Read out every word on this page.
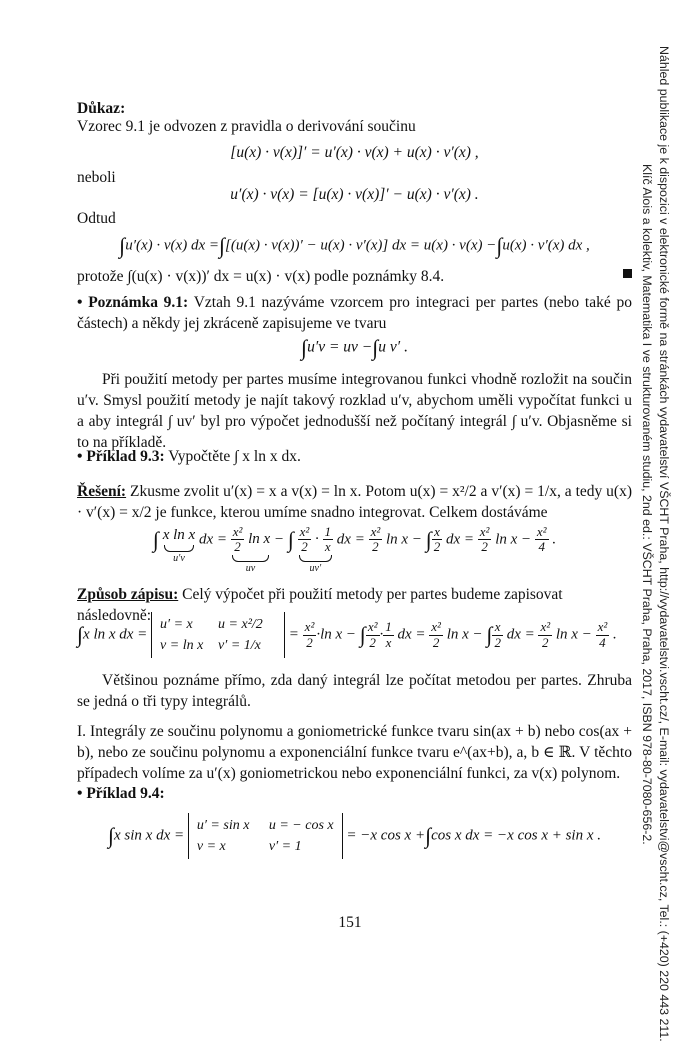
Důkaz:
Vzorec 9.1 je odvozen z pravidla o derivování součinu
[u(x) · v(x)]′ = u′(x) · v(x) + u(x) · v′(x) ,
neboli
u′(x) · v(x) = [u(x) · v(x)]′ − u(x) · v′(x) .
Odtud
∫u′(x) · v(x) dx =∫[(u(x) · v(x))′ − u(x) · v′(x)] dx = u(x) · v(x) −∫u(x) · v′(x) dx ,
protože ∫(u(x) · v(x))′ dx = u(x) · v(x) podle poznámky 8.4.
• Poznámka 9.1: Vztah 9.1 nazýváme vzorcem pro integraci per partes (nebo také po částech) a někdy jej zkráceně zapisujeme ve tvaru
∫u′v = uv −∫u v′ .
Při použití metody per partes musíme integrovanou funkci vhodně rozložit na součin u′v. Smysl použití metody je najít takový rozklad u′v, abychom uměli vypočítat funkci u a aby integrál ∫ uv′ byl pro výpočet jednodušší než počítaný integrál ∫ u′v. Objasněme si to na příkladě.
• Příklad 9.3: Vypočtěte ∫ x ln x dx.
Řešení: Zkusme zvolit u′(x) = x a v(x) = ln x. Potom u(x) = x²/2 a v′(x) = 1/x, a tedy u(x) · v′(x) = x/2 je funkce, kterou umíme snadno integrovat. Celkem dostáváme
∫ x ln x
u′v
dx = $\frac{\text{x²}}{2}$ ln x
uv
− ∫ $\frac{\text{x²}}{2} \cdot \frac{1}{x}$
uv′
dx = $\frac{\text{x²}}{2}$ ln x − ∫ $\frac{x}{2}$ dx = $\frac{\text{x²}}{2}$ $\ln x - \frac{\text{x²}}{4}$ .
Způsob zápisu: Celý výpočet při použití metody per partes budeme zapisovat následovně:
∫x ln x dx = u′ = x u = x²/2
v = ln x $v' = 1/x = \frac{\text{x²}}{2} \cdot\ln$ x − ∫ $\frac{\text{x²}}{2} \cdot \frac{1}{x}$ dx = $\frac{\text{x²}}{2}$ ln x − ∫ $\frac{x}{2}$ dx = $\frac{\text{x²}}{2}$ $\ln x - \frac{\text{x²}}{4}$ .
Většinou poznáme přímo, zda daný integrál lze počítat metodou per partes. Zhruba se jedná o tři typy integrálů.
I. Integrály ze součinu polynomu a goniometrické funkce tvaru sin(ax + b) nebo cos(ax + b), nebo ze součinu polynomu a exponenciální funkce tvaru e^(ax+b), a, b ∈ ℝ. V těchto případech volíme za u′(x) goniometrickou nebo exponenciální funkci, za v(x) polynom.
• Příklad 9.4:
∫x sin x dx = u′ = sin x u = − cos x
v = x	v′ = 1 = −x cos x +∫cos x dx = −x cos x + sin x .
151	Náhled publikace je k dispozici v elektronické formě na stránkách vydavatelství VŠCHT Praha, http://vydavatelstvi.vscht.cz/, E-mail: vydavatelstvi@vscht.cz, Tel.: (+420) 220 443 211.
Klíč Alois a kolektiv, Matematika I ve strukturovaném studiu, 2nd ed.: VŠCHT Praha, Praha, 2017, ISBN 978-80-7080-656-2.
